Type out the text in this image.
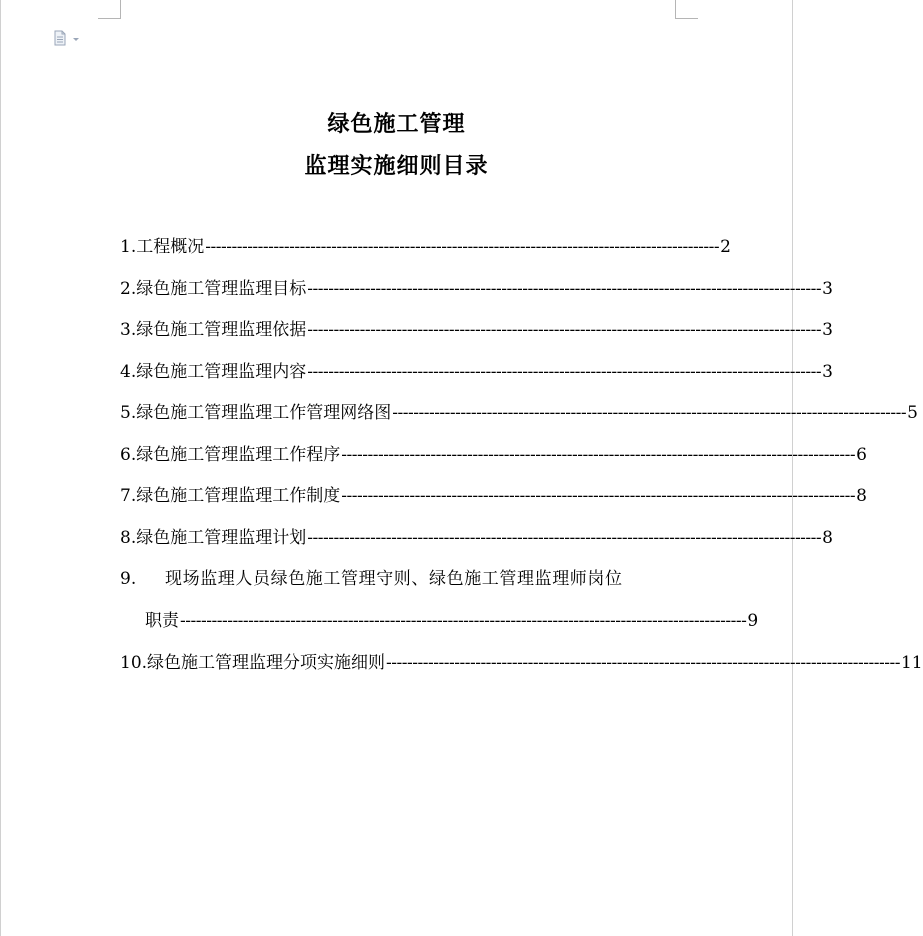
绿色施工管理
监理实施细则目录
1. 工程概况 -------------------------------------------------------------------------------------------------- 2
2. 绿色施工管理监理目标 -------------------------------------------------------------------------------------------------- 3
3. 绿色施工管理监理依据 -------------------------------------------------------------------------------------------------- 3
4. 绿色施工管理监理内容 -------------------------------------------------------------------------------------------------- 3
5. 绿色施工管理监理工作管理网络图 -------------------------------------------------------------------------------------------------- 5
6. 绿色施工管理监理工作程序 -------------------------------------------------------------------------------------------------- 6
7. 绿色施工管理监理工作制度 -------------------------------------------------------------------------------------------------- 8
8. 绿色施工管理监理计划 -------------------------------------------------------------------------------------------------- 8
9.	现场监理人员绿色施工管理守则、绿色施工管理监理师岗位
职责 ------------------------------------------------------------------------------------------------------------ 9
10. 绿色施工管理监理分项实施细则 -------------------------------------------------------------------------------------------------- 11
